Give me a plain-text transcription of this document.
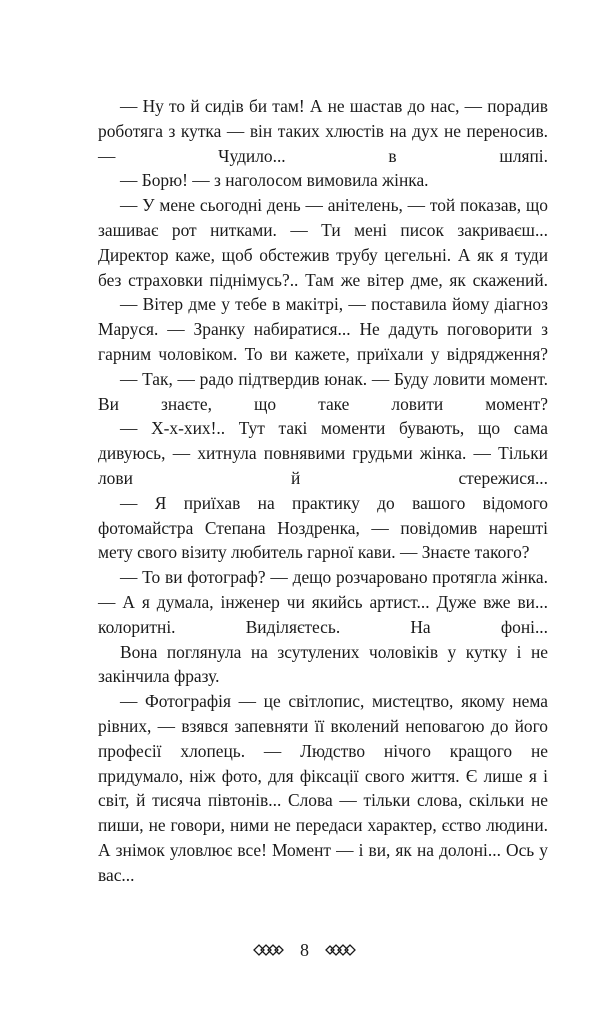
— Ну то й сидів би там! А не шастав до нас, — порадив роботяга з кутка — він таких хлюстів на дух не переносив. — Чудило... в шляпі.

— Борю! — з наголосом вимовила жінка.

— У мене сьогодні день — анітелень, — той показав, що зашиває рот нитками. — Ти мені писок закриваєш... Директор каже, щоб обстежив трубу цегельні. А як я туди без страховки піднімусь?.. Там же вітер дме, як скажений.

— Вітер дме у тебе в макітрі, — поставила йому діагноз Маруся. — Зранку набиратися... Не дадуть поговорити з гарним чоловіком. То ви кажете, приїхали у відрядження?

— Так, — радо підтвердив юнак. — Буду ловити момент. Ви знаєте, що таке ловити момент?

— Х-х-хих!.. Тут такі моменти бувають, що сама дивуюсь, — хитнула повнявими грудьми жінка. — Тільки лови й стережися...

— Я приїхав на практику до вашого відомого фотомайстра Степана Ноздренка, — повідомив нарешті мету свого візиту любитель гарної кави. — Знаєте такого?

— То ви фотограф? — дещо розчаровано протягла жінка. — А я думала, інженер чи якийсь артист... Дуже вже ви... колоритні. Виділяєтесь. На фоні...

Вона поглянула на зсутулених чоловіків у кутку і не закінчила фразу.

— Фотографія — це світлопис, мистецтво, якому нема рівних, — взявся запевняти її вколений неповагою до його професії хлопець. — Людство нічого кращого не придумало, ніж фото, для фіксації свого життя. Є лише я і світ, й тисяча півтонів... Слова — тільки слова, скільки не пиши, не говори, ними не передаси характер, єство людини. А знімок уловлює все! Момент — і ви, як на долоні... Ось у вас...

8
